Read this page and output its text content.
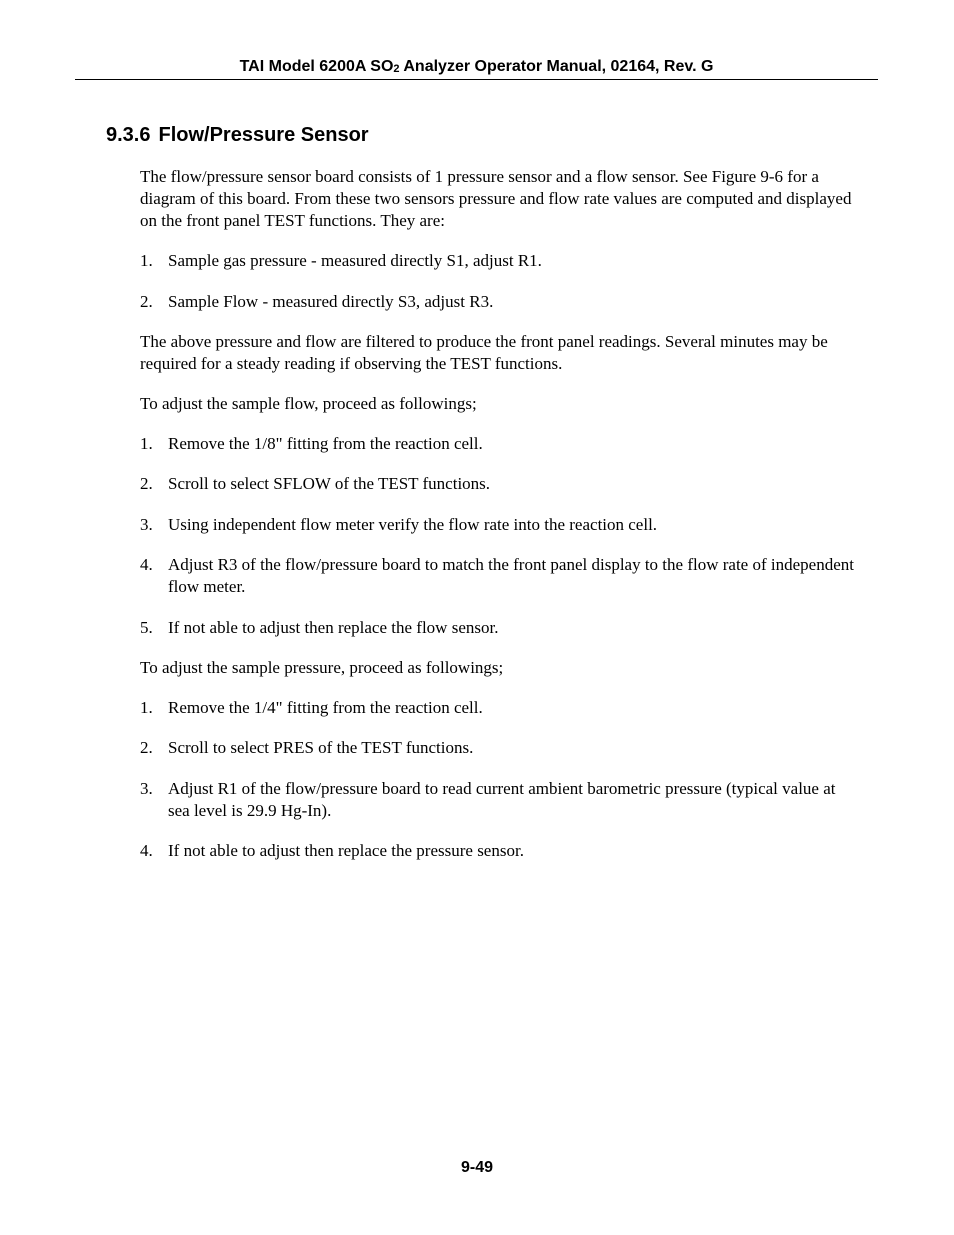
TAI Model 6200A $SO_2$ Analyzer Operator Manual, 02164, Rev. G
9.3.6 Flow/Pressure Sensor

The flow/pressure sensor board consists of 1 pressure sensor and a flow sensor. See Figure 9-6 for a diagram of this board. From these two sensors pressure and flow rate values are computed and displayed on the front panel TEST functions. They are:

1. Sample gas pressure - measured directly S1, adjust R1.
2. Sample Flow - measured directly S3, adjust R3.

The above pressure and flow are filtered to produce the front panel readings. Several minutes may be required for a steady reading if observing the TEST functions.

To adjust the sample flow, proceed as followings;

1. Remove the 1/8" fitting from the reaction cell.
2. Scroll to select SFLOW of the TEST functions.
3. Using independent flow meter verify the flow rate into the reaction cell.
4. Adjust R3 of the flow/pressure board to match the front panel display to the flow rate of independent flow meter.
5. If not able to adjust then replace the flow sensor.

To adjust the sample pressure, proceed as followings;

1. Remove the 1/4" fitting from the reaction cell.
2. Scroll to select PRES of the TEST functions.
3. Adjust R1 of the flow/pressure board to read current ambient barometric pressure (typical value at sea level is 29.9 Hg-In).
4. If not able to adjust then replace the pressure sensor.
9-49
